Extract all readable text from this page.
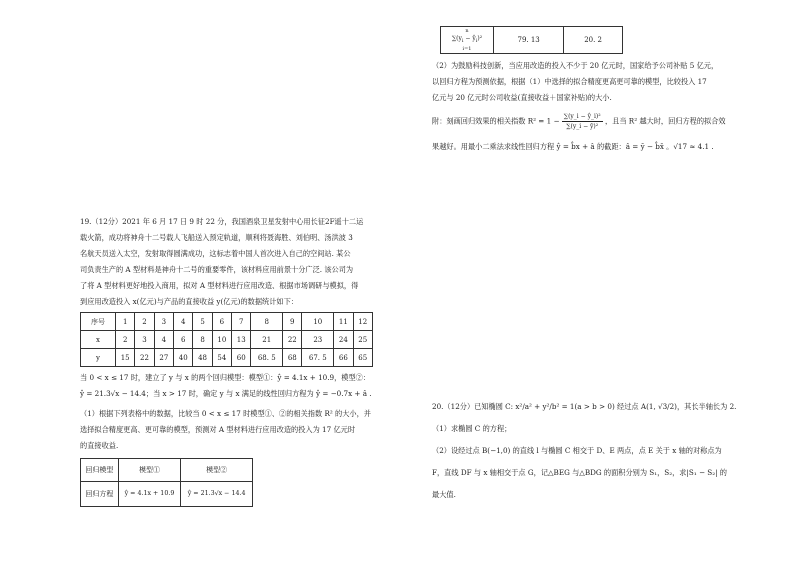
n
$\sum(y_i$ − $ŷ_i)^2$
i=1	79. 13	20. 2

（2）为鼓励科技创新，当应用改造的投入不少于 20 亿元时，国家给予公司补贴 5 亿元，

以回归方程为预测依据，根据（1）中选择的拟合精度更高更可靠的模型，比较投入 17

亿元与 20 亿元时公司收益(直接收益＋国家补贴)的大小.

附：刻画回归效果的相关指数 $R^2 = 1 - \frac{\text{∑(y\_i − ŷ\_i)²}}{\text{∑(y\_i − ȳ)²}}$ ，且当 R² 越大时，回归方程的拟合效

果越好。用最小二乘法求线性回归方程 ŷ = b̂x + â 的截距：â = ȳ − b̂x̄ 。√17 ≈ 4.1 .

20.（12分）已知椭圆 C: x²/a² + y²/b² = 1(a > b > 0) 经过点 A(1, √3/2)，其长半轴长为 2.

（1）求椭圆 C 的方程；

（2）设经过点 B(−1,0) 的直线 l 与椭圆 C 相交于 D、E 两点，点 E 关于 x 轴的对称点为

F，直线 DF 与 x 轴相交于点 G，记△BEG 与△BDG 的面积分别为 S₁，S₂，求|S₁ − S₂| 的

最大值.

19.（12分）2021 年 6 月 17 日 9 时 22 分，我国酒泉卫星发射中心用长征2F遥十二运

载火箭，成功将神舟十二号载人飞船送入预定轨道，顺利将聂海胜、刘伯明、汤洪波 3

名航天员送入太空，发射取得圆满成功，这标志着中国人首次进入自己的空间站. 某公

司负责生产的 A 型材料是神舟十二号的重要零件，该材料应用前景十分广泛. 该公司为

了将 A 型材料更好地投入商用，拟对 A 型材料进行应用改造、根据市场调研与模拟，得

到应用改造投入 x(亿元)与产品的直接收益 y(亿元)的数据统计如下：

序号	1	2	3	4	5	6	7	8	9	10	11	12
x	2	3	4	6	8	10	13	21	22	23	24	25
y	15	22	27	40	48	54	60	68. 5	68	67. 5	66	65

当 0 < x ≤ 17 时，建立了 y 与 x 的两个回归模型：模型①：ŷ = 4.1x + 10.9，模型②：

ŷ = 21.3√x − 14.4；当 x > 17 时，确定 y 与 x 满足的线性回归方程为 ŷ = −0.7x + â .

（1）根据下列表格中的数据，比较当 0 < x ≤ 17 时模型①、②的相关指数 R² 的大小，并

选择拟合精度更高、更可靠的模型，预测对 A 型材料进行应用改造的投入为 17 亿元时

的直接收益.

回归模型	模型①	模型②
回归方程	ŷ = 4.1x + 10.9	ŷ = 21.3√x − 14.4
